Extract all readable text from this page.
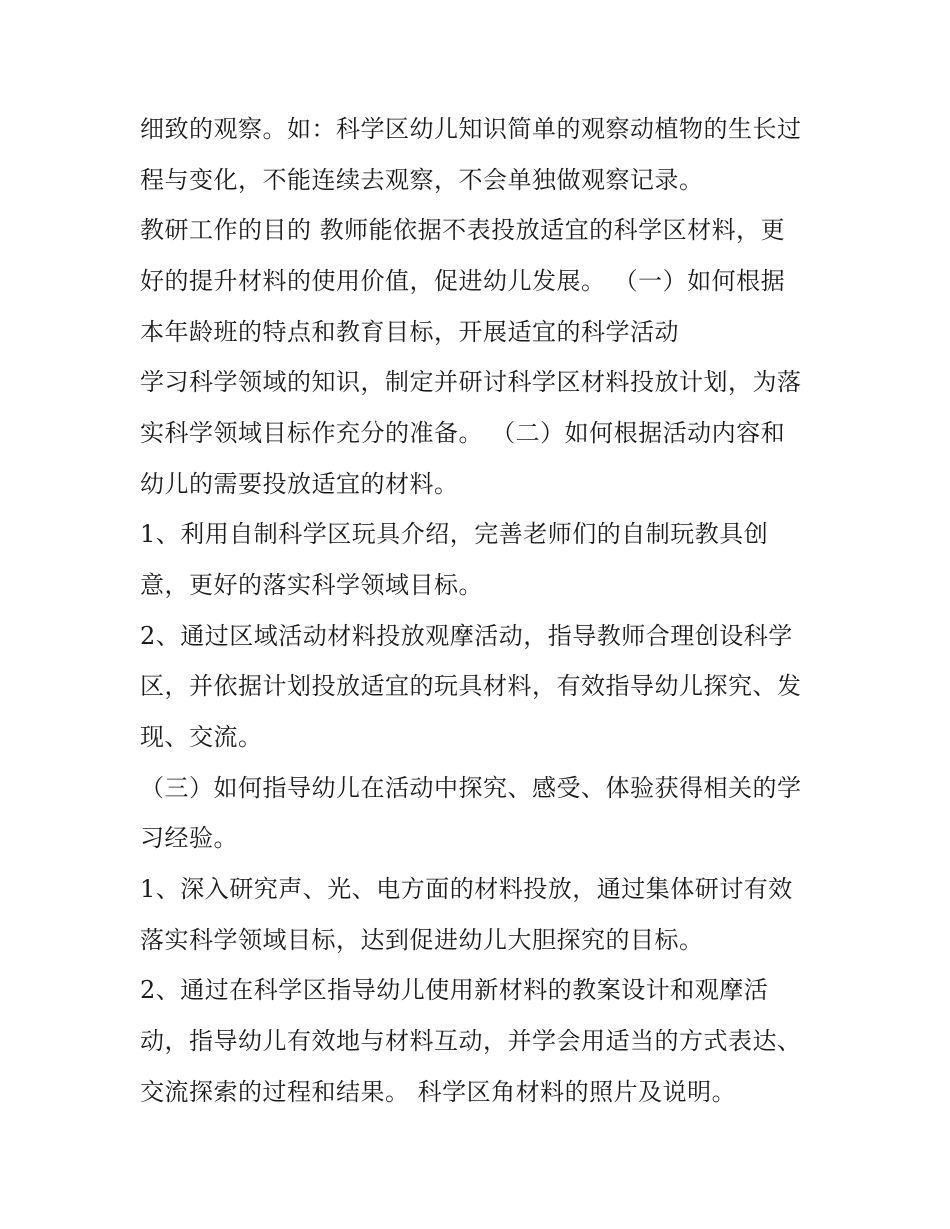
细致的观察。如：科学区幼儿知识简单的观察动植物的生长过
程与变化，不能连续去观察，不会单独做观察记录。
教研工作的目的 教师能依据不表投放适宜的科学区材料，更
好的提升材料的使用价值，促进幼儿发展。 （一）如何根据
本年龄班的特点和教育目标，开展适宜的科学活动
学习科学领域的知识，制定并研讨科学区材料投放计划，为落
实科学领域目标作充分的准备。 （二）如何根据活动内容和
幼儿的需要投放适宜的材料。
1、利用自制科学区玩具介绍，完善老师们的自制玩教具创
意，更好的落实科学领域目标。
2、通过区域活动材料投放观摩活动，指导教师合理创设科学
区，并依据计划投放适宜的玩具材料，有效指导幼儿探究、发
现、交流。
（三）如何指导幼儿在活动中探究、感受、体验获得相关的学
习经验。
1、深入研究声、光、电方面的材料投放，通过集体研讨有效
落实科学领域目标，达到促进幼儿大胆探究的目标。
2、通过在科学区指导幼儿使用新材料的教案设计和观摩活
动，指导幼儿有效地与材料互动，并学会用适当的方式表达、
交流探索的过程和结果。 科学区角材料的照片及说明。
